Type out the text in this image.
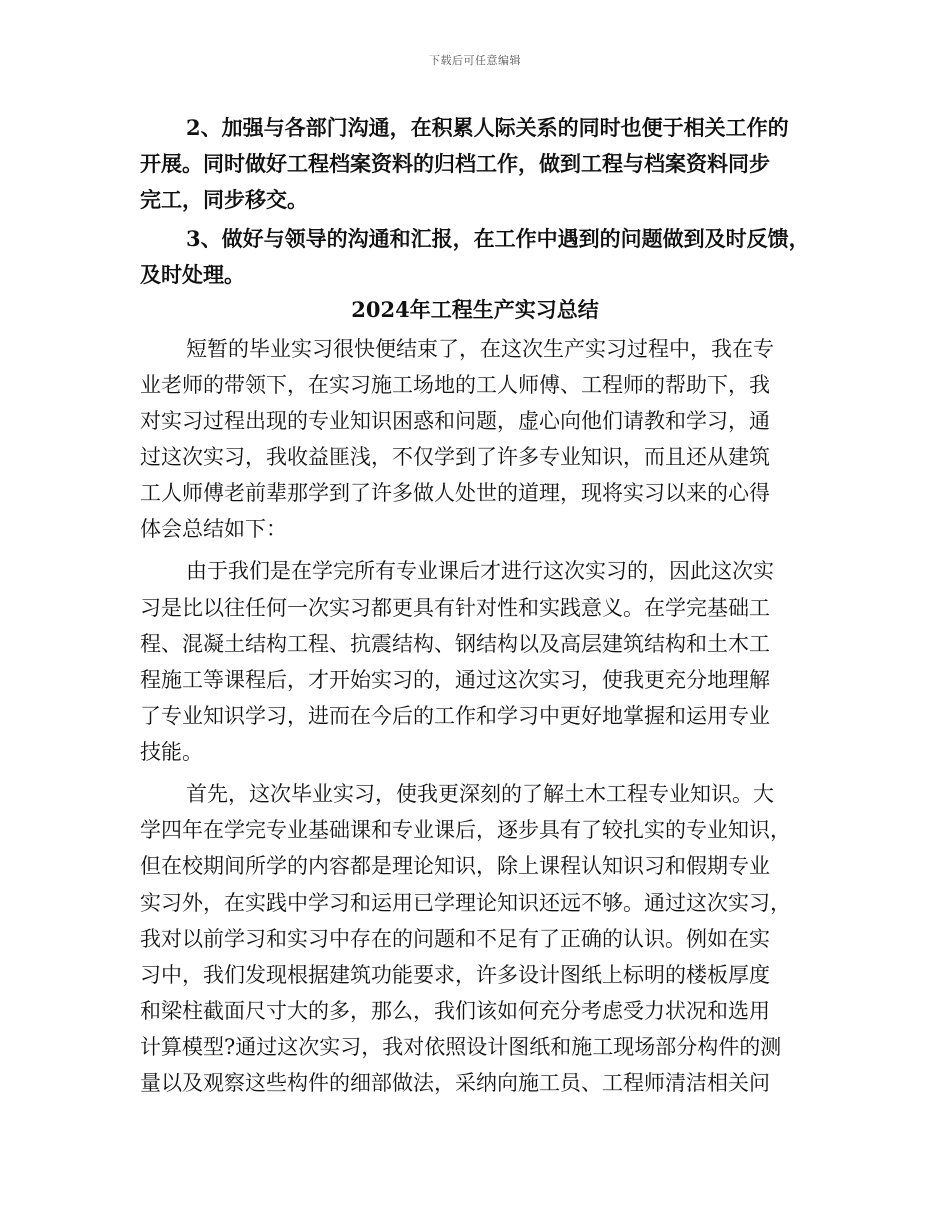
下载后可任意编辑
2、加强与各部门沟通，在积累人际关系的同时也便于相关工作的
开展。同时做好工程档案资料的归档工作，做到工程与档案资料同步
完工，同步移交。
3、做好与领导的沟通和汇报，在工作中遇到的问题做到及时反馈，
及时处理。
2024年工程生产实习总结
短暂的毕业实习很快便结束了，在这次生产实习过程中，我在专
业老师的带领下，在实习施工场地的工人师傅、工程师的帮助下，我
对实习过程出现的专业知识困惑和问题，虚心向他们请教和学习，通
过这次实习，我收益匪浅，不仅学到了许多专业知识，而且还从建筑
工人师傅老前辈那学到了许多做人处世的道理，现将实习以来的心得
体会总结如下：
由于我们是在学完所有专业课后才进行这次实习的，因此这次实
习是比以往任何一次实习都更具有针对性和实践意义。在学完基础工
程、混凝土结构工程、抗震结构、钢结构以及高层建筑结构和土木工
程施工等课程后，才开始实习的，通过这次实习，使我更充分地理解
了专业知识学习，进而在今后的工作和学习中更好地掌握和运用专业
技能。
首先，这次毕业实习，使我更深刻的了解土木工程专业知识。大
学四年在学完专业基础课和专业课后，逐步具有了较扎实的专业知识，
但在校期间所学的内容都是理论知识，除上课程认知识习和假期专业
实习外，在实践中学习和运用已学理论知识还远不够。通过这次实习，
我对以前学习和实习中存在的问题和不足有了正确的认识。例如在实
习中，我们发现根据建筑功能要求，许多设计图纸上标明的楼板厚度
和梁柱截面尺寸大的多，那么，我们该如何充分考虑受力状况和选用
计算模型?通过这次实习，我对依照设计图纸和施工现场部分构件的测
量以及观察这些构件的细部做法，采纳向施工员、工程师清洁相关问
